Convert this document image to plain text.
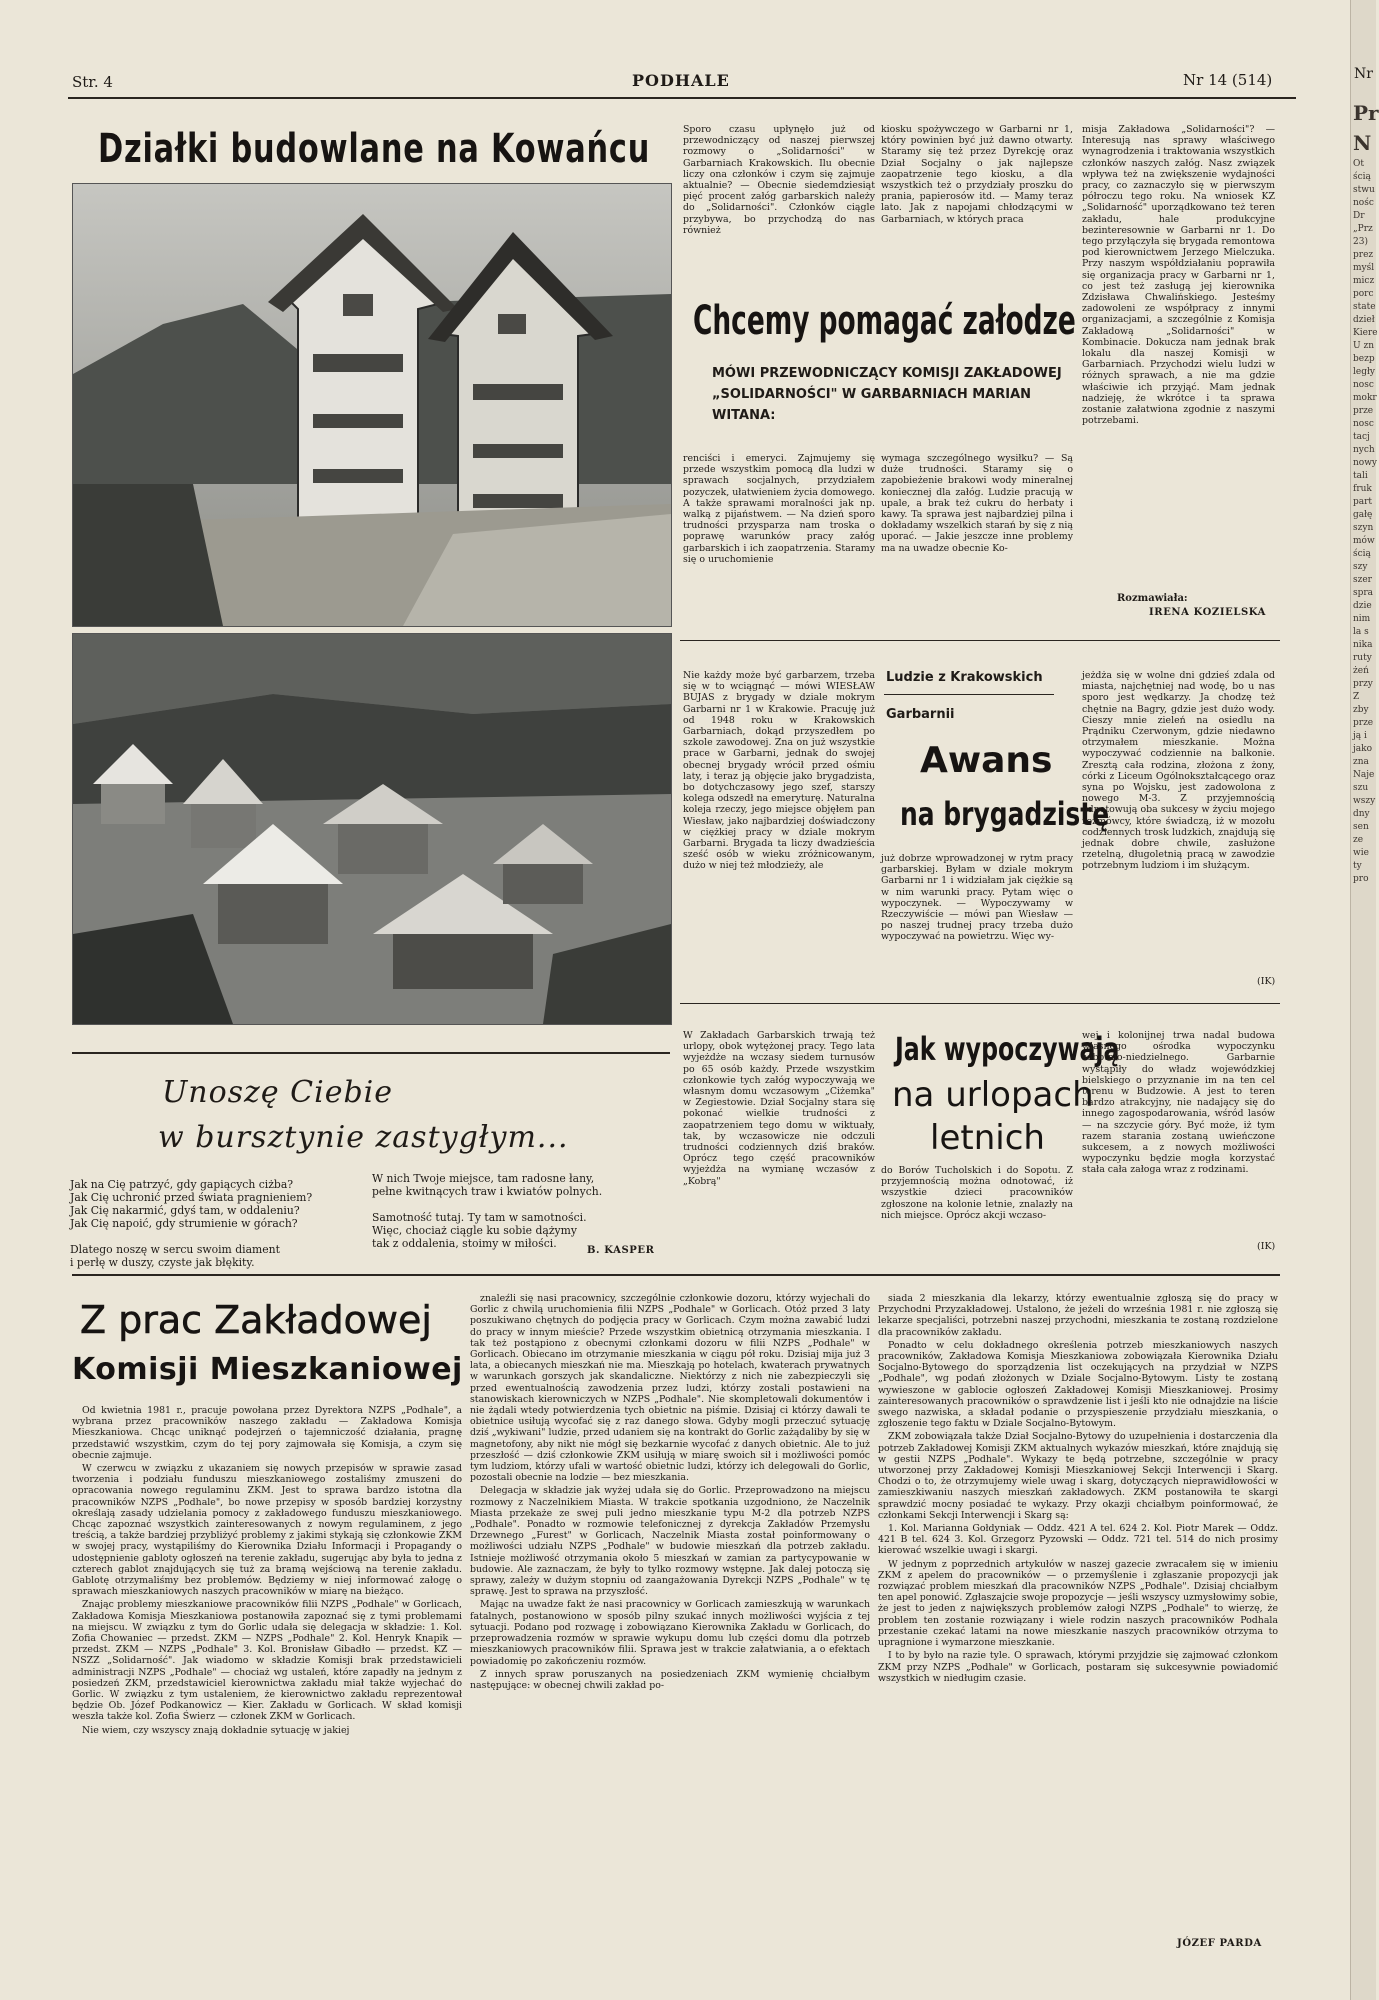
Str. 4	PODHALE	Nr 14 (514)	Nr
Pr
N
Ot
ścią
stwu
nośc
Dr
„Prz
23)
prez
myśl
micz
porc
state
dzieł
Kiere
U zn
bezp
legły
nosc
mokr
prze
nosc
tacj
nych
nowy
tali
fruk
part
gałę
szyn
mów
ścią
szy
szer
spra
dzie
nim
la s
nika
ruty
żeń
przy
Z
zby
prze
ją i
jako
zna
Naje
szu
wszy
dny
sen
ze
wie
ty
pro
Działki budowlane na Kowańcu	Sporo czasu upłynęło już od przewodniczący od naszej pierwszej rozmowy o „Solidarności" w Garbarniach Krakowskich. Ilu obecnie liczy ona członków i czym się zajmuje aktualnie? — Obecnie siedemdziesiąt pięć procent załóg garbarskich należy do „Solidarności". Członków ciągle przybywa, bo przychodzą do nas również

kiosku spożywczego w Garbarni nr 1, który powinien być już dawno otwarty. Staramy się też przez Dyrekcję oraz Dział Socjalny o jak najlepsze zaopatrzenie tego kiosku, a dla wszystkich też o przydziały proszku do prania, papierosów itd. — Mamy teraz lato. Jak z napojami chłodzącymi w Garbarniach, w których praca

misja Zakładowa „Solidarności"? — Interesują nas sprawy właściwego wynagrodzenia i traktowania wszystkich członków naszych załóg. Nasz związek wpływa też na zwiększenie wydajności pracy, co zaznaczyło się w pierwszym półroczu tego roku. Na wniosek KZ „Solidarność" uporządkowano też teren zakładu, hale produkcyjne bezinteresownie w Garbarni nr 1. Do tego przyłączyła się brygada remontowa pod kierownictwem Jerzego Mielczuka. Przy naszym współdziałaniu poprawiła się organizacja pracy w Garbarni nr 1, co jest też zasługą jej kierownika Zdzisława Chwalińskiego. Jesteśmy zadowoleni ze współpracy z innymi organizacjami, a szczególnie z Komisja Zakładową „Solidarności" w Kombinacie. Dokucza nam jednak brak lokalu dla naszej Komisji w Garbarniach. Przychodzi wielu ludzi w różnych sprawach, a nie ma gdzie właściwie ich przyjąć. Mam jednak nadzieję, że wkrótce i ta sprawa zostanie załatwiona zgodnie z naszymi potrzebami.

Chcemy pomagać załodze
MÓWI PRZEWODNICZĄCY KOMISJI ZAKŁADOWEJ „SOLIDARNOŚCI" W GARBARNIACH MARIAN WITANA:

renciści i emeryci. Zajmujemy się przede wszystkim pomocą dla ludzi w sprawach socjalnych, przydziałem pozyczek, ułatwieniem życia domowego. A także sprawami moralności jak np. walką z pijaństwem. — Na dzień sporo trudności przysparza nam troska o poprawę warunków pracy załóg garbarskich i ich zaopatrzenia. Staramy się o uruchomienie

wymaga szczególnego wysiłku? — Są duże trudności. Staramy się o zapobieżenie brakowi wody mineralnej koniecznej dla załóg. Ludzie pracują w upale, a brak też cukru do herbaty i kawy. Ta sprawa jest najbardziej pilna i dokładamy wszelkich starań by się z nią uporać. — Jakie jeszcze inne problemy ma na uwadze obecnie Ko-

Rozmawiała:
IRENA KOZIELSKA

Nie każdy może być garbarzem, trzeba się w to wciągnąć — mówi WIESŁAW BUJAS z brygady w dziale mokrym Garbarni nr 1 w Krakowie. Pracuję już od 1948 roku w Krakowskich Garbarniach, dokąd przyszedłem po szkole zawodowej. Zna on już wszystkie prace w Garbarni, jednak do swojej obecnej brygady wrócił przed ośmiu laty, i teraz ją objęcie jako brygadzista, bo dotychczasowy jego szef, starszy kolega odszedł na emeryturę. Naturalna koleja rzeczy, jego miejsce objęłem pan Wiesław, jako najbardziej doświadczony w ciężkiej pracy w dziale mokrym Garbarni. Brygada ta liczy dwadzieścia sześć osób w wieku zróżnicowanym, dużo w niej też młodzieży, ale

Ludzie z Krakowskich
Garbarnii
Awans
na brygadzistę

już dobrze wprowadzonej w rytm pracy garbarskiej. Byłam w dziale mokrym Garbarni nr 1 i widziałam jak ciężkie są w nim warunki pracy. Pytam więc o wypoczynek. — Wypoczywamy w Rzeczywiście — mówi pan Wiesław — po naszej trudnej pracy trzeba dużo wypoczywać na powietrzu. Więc wy-

jeżdża się w wolne dni gdzieś zdala od miasta, najchętniej nad wodę, bo u nas sporo jest wędkarzy. Ja chodzę też chętnie na Bagry, gdzie jest dużo wody. Cieszy mnie zieleń na osiedlu na Prądniku Czerwonym, gdzie niedawno otrzymałem mieszkanie. Można wypoczywać codziennie na balkonie. Zresztą cała rodzina, złożona z żony, córki z Liceum Ogólnokształcącego oraz syna po Wojsku, jest zadowolona z nowego M-3. Z przyjemnością odnotowują oba sukcesy w życiu mojego rozmówcy, które świadczą, iż w mozołu codziennych trosk ludzkich, znajdują się jednak dobre chwile, zasłużone rzetelną, długoletnią pracą w zawodzie potrzebnym ludziom i im służącym.

(IK)

W Zakładach Garbarskich trwają też urlopy, obok wytężonej pracy. Tego lata wyjeżdże na wczasy siedem turnusów po 65 osób każdy. Przede wszystkim członkowie tych załóg wypoczywają we własnym domu wczasowym „Ciżemka" w Zegiestowie. Dział Socjalny stara się pokonać wielkie trudności z zaopatrzeniem tego domu w wiktuały, tak, by wczasowicze nie odczuli trudności codziennych dziś braków. Oprócz tego część pracowników wyjeżdża na wymianę wczasów z „Kobrą"

Jak wypoczywają
na urlopach
letnich

do Borów Tucholskich i do Sopotu. Z przyjemnością można odnotować, iż wszystkie dzieci pracowników zgłoszone na kolonie letnie, znalazły na nich miejsce. Oprócz akcji wczaso-

wej i kolonijnej trwa nadal budowa własnego ośrodka wypoczynku sobotnio-niedzielnego. Garbarnie wystąpiły do władz wojewódzkiej bielskiego o przyznanie im na ten cel terenu w Budzowie. A jest to teren bardzo atrakcyjny, nie nadający się do innego zagospodarowania, wśród lasów — na szczycie góry. Być może, iż tym razem starania zostaną uwieńczone sukcesem, a z nowych możliwości wypoczynku będzie mogła korzystać stała cała załoga wraz z rodzinami.

(IK)
Unoszę Ciebie
w bursztynie zastygłym...
Jak na Cię patrzyć, gdy gapiących ciżba?
Jak Cię uchronić przed świata pragnieniem?
Jak Cię nakarmić, gdyś tam, w oddaleniu?
Jak Cię napoić, gdy strumienie w górach?

Dlatego noszę w sercu swoim diament
i perłę w duszy, czyste jak błękity.
W nich Twoje miejsce, tam radosne łany,
pełne kwitnących traw i kwiatów polnych.

Samotność tutaj. Ty tam w samotności.
Więc, chociaż ciągle ku sobie dążymy
tak z oddalenia, stoimy w miłości.
B. KASPER
Z prac Zakładowej
Komisji Mieszkaniowej

Od kwietnia 1981 r., pracuje powołana przez Dyrektora NZPS „Podhale", a wybrana przez pracowników naszego zakładu — Zakładowa Komisja Mieszkaniowa. Chcąc uniknąć podejrzeń o tajemniczość działania, pragnę przedstawić wszystkim, czym do tej pory zajmowała się Komisja, a czym się obecnie zajmuje.

W czerwcu w związku z ukazaniem się nowych przepisów w sprawie zasad tworzenia i podziału funduszu mieszkaniowego zostaliśmy zmuszeni do opracowania nowego regulaminu ZKM. Jest to sprawa bardzo istotna dla pracowników NZPS „Podhale", bo nowe przepisy w sposób bardziej korzystny określają zasady udzielania pomocy z zakładowego funduszu mieszkaniowego. Chcąc zapoznać wszystkich zainteresowanych z nowym regulaminem, z jego treścią, a także bardziej przybliżyć problemy z jakimi stykają się członkowie ZKM w swojej pracy, wystąpiliśmy do Kierownika Działu Informacji i Propagandy o udostępnienie gabloty ogłoszeń na terenie zakładu, sugerując aby była to jedna z czterech gablot znajdujących się tuż za bramą wejściową na terenie zakładu. Gablotę otrzymaliśmy bez problemów. Będziemy w niej informować załogę o sprawach mieszkaniowych naszych pracowników w miarę na bieżąco.

Znając problemy mieszkaniowe pracowników filii NZPS „Podhale" w Gorlicach, Zakładowa Komisja Mieszkaniowa postanowiła zapoznać się z tymi problemami na miejscu. W związku z tym do Gorlic udała się delegacja w składzie: 1. Kol. Zofia Chowaniec — przedst. ZKM — NZPS „Podhale" 2. Kol. Henryk Knapik — przedst. ZKM — NZPS „Podhale" 3. Kol. Bronisław Gibadło — przedst. KZ — NSZZ „Solidarność". Jak wiadomo w składzie Komisji brak przedstawicieli administracji NZPS „Podhale" — chociaż wg ustaleń, które zapadły na jednym z posiedzeń ZKM, przedstawiciel kierownictwa zakładu miał także wyjechać do Gorlic. W związku z tym ustaleniem, że kierownictwo zakładu reprezentował będzie Ob. Józef Podkanowicz — Kier. Zakładu w Gorlicach. W skład komisji weszła także kol. Zofia Świerz — członek ZKM w Gorlicach.

Nie wiem, czy wszyscy znają dokładnie sytuację w jakiej

znaleźli się nasi pracownicy, szczególnie członkowie dozoru, którzy wyjechali do Gorlic z chwilą uruchomienia filii NZPS „Podhale" w Gorlicach. Otóż przed 3 laty poszukiwano chętnych do podjęcia pracy w Gorlicach. Czym można zawabić ludzi do pracy w innym mieście? Przede wszystkim obietnicą otrzymania mieszkania. I tak też postąpiono z obecnymi członkami dozoru w filii NZPS „Podhale" w Gorlicach. Obiecano im otrzymanie mieszkania w ciągu pół roku. Dzisiaj mija już 3 lata, a obiecanych mieszkań nie ma. Mieszkają po hotelach, kwaterach prywatnych w warunkach gorszych jak skandaliczne. Niektórzy z nich nie zabezpieczyli się przed ewentualnością zawodzenia przez ludzi, którzy zostali postawieni na stanowiskach kierowniczych w NZPS „Podhale". Nie skompletowali dokumentów i nie żądali wtedy potwierdzenia tych obietnic na piśmie. Dzisiaj ci którzy dawali te obietnice usiłują wycofać się z raz danego słowa. Gdyby mogli przeczuć sytuację dziś „wykiwani" ludzie, przed udaniem się na kontrakt do Gorlic zażądaliby by się w magnetofony, aby nikt nie mógł się bezkarnie wycofać z danych obietnic. Ale to już przeszłość — dziś członkowie ZKM usiłują w miarę swoich sił i możliwości pomóc tym ludziom, którzy ufali w wartość obietnic ludzi, którzy ich delegowali do Gorlic, pozostali obecnie na lodzie — bez mieszkania.

Delegacja w składzie jak wyżej udała się do Gorlic. Przeprowadzono na miejscu rozmowy z Naczelnikiem Miasta. W trakcie spotkania uzgodniono, że Naczelnik Miasta przekaże ze swej puli jedno mieszkanie typu M-2 dla potrzeb NZPS „Podhale". Ponadto w rozmowie telefonicznej z dyrekcja Zakładów Przemysłu Drzewnego „Furest" w Gorlicach, Naczelnik Miasta został poinformowany o możliwości udziału NZPS „Podhale" w budowie mieszkań dla potrzeb zakładu. Istnieje możliwość otrzymania około 5 mieszkań w zamian za partycypowanie w budowie. Ale zaznaczam, że były to tylko rozmowy wstępne. Jak dalej potoczą się sprawy, zależy w dużym stopniu od zaangażowania Dyrekcji NZPS „Podhale" w tę sprawę. Jest to sprawa na przyszłość.

Mając na uwadze fakt że nasi pracownicy w Gorlicach zamieszkują w warunkach fatalnych, postanowiono w sposób pilny szukać innych możliwości wyjścia z tej sytuacji. Podano pod rozwagę i zobowiązano Kierownika Zakładu w Gorlicach, do przeprowadzenia rozmów w sprawie wykupu domu lub części domu dla potrzeb mieszkaniowych pracowników filii. Sprawa jest w trakcie załatwiania, a o efektach powiadomię po zakończeniu rozmów.

Z innych spraw poruszanych na posiedzeniach ZKM wymienię chciałbym następujące: w obecnej chwili zakład po-

siada 2 mieszkania dla lekarzy, którzy ewentualnie zgłoszą się do pracy w Przychodni Przyzakładowej. Ustalono, że jeżeli do września 1981 r. nie zgłoszą się lekarze specjaliści, potrzebni naszej przychodni, mieszkania te zostaną rozdzielone dla pracowników zakładu.

Ponadto w celu dokładnego określenia potrzeb mieszkaniowych naszych pracowników, Zakładowa Komisja Mieszkaniowa zobowiązała Kierownika Działu Socjalno-Bytowego do sporządzenia list oczekujących na przydział w NZPS „Podhale", wg podań złożonych w Dziale Socjalno-Bytowym. Listy te zostaną wywieszone w gablocie ogłoszeń Zakładowej Komisji Mieszkaniowej. Prosimy zainteresowanych pracowników o sprawdzenie list i jeśli kto nie odnajdzie na liście swego nazwiska, a składał podanie o przyspieszenie przydziału mieszkania, o zgłoszenie tego faktu w Dziale Socjalno-Bytowym.

ZKM zobowiązała także Dział Socjalno-Bytowy do uzupełnienia i dostarczenia dla potrzeb Zakładowej Komisji ZKM aktualnych wykazów mieszkań, które znajdują się w gestii NZPS „Podhale". Wykazy te będą potrzebne, szczególnie w pracy utworzonej przy Zakładowej Komisji Mieszkaniowej Sekcji Interwencji i Skarg. Chodzi o to, że otrzymujemy wiele uwag i skarg, dotyczących nieprawidłowości w zamieszkiwaniu naszych mieszkań zakładowych. ZKM postanowiła te skargi sprawdzić mocny posiadać te wykazy. Przy okazji chciałbym poinformować, że członkami Sekcji Interwencji i Skarg są:

1. Kol. Marianna Gołdyniak — Oddz. 421 A tel. 624 2. Kol. Piotr Marek — Oddz. 421 B tel. 624 3. Kol. Grzegorz Pyzowski — Oddz. 721 tel. 514 do nich prosimy kierować wszelkie uwagi i skargi.

W jednym z poprzednich artykułów w naszej gazecie zwracałem się w imieniu ZKM z apelem do pracowników — o przemyślenie i zgłaszanie propozycji jak rozwiązać problem mieszkań dla pracowników NZPS „Podhale". Dzisiaj chciałbym ten apel ponowić. Zgłaszajcie swoje propozycje — jeśli wszyscy uzmysłowimy sobie, że jest to jeden z największych problemów załogi NZPS „Podhale" to wierzę, że problem ten zostanie rozwiązany i wiele rodzin naszych pracowników Podhala przestanie czekać latami na nowe mieszkanie naszych pracowników otrzyma to upragnione i wymarzone mieszkanie.

I to by było na razie tyle. O sprawach, którymi przyjdzie się zajmować członkom ZKM przy NZPS „Podhale" w Gorlicach, postaram się sukcesywnie powiadomić wszystkich w niedługim czasie.

JÓZEF PARDA
